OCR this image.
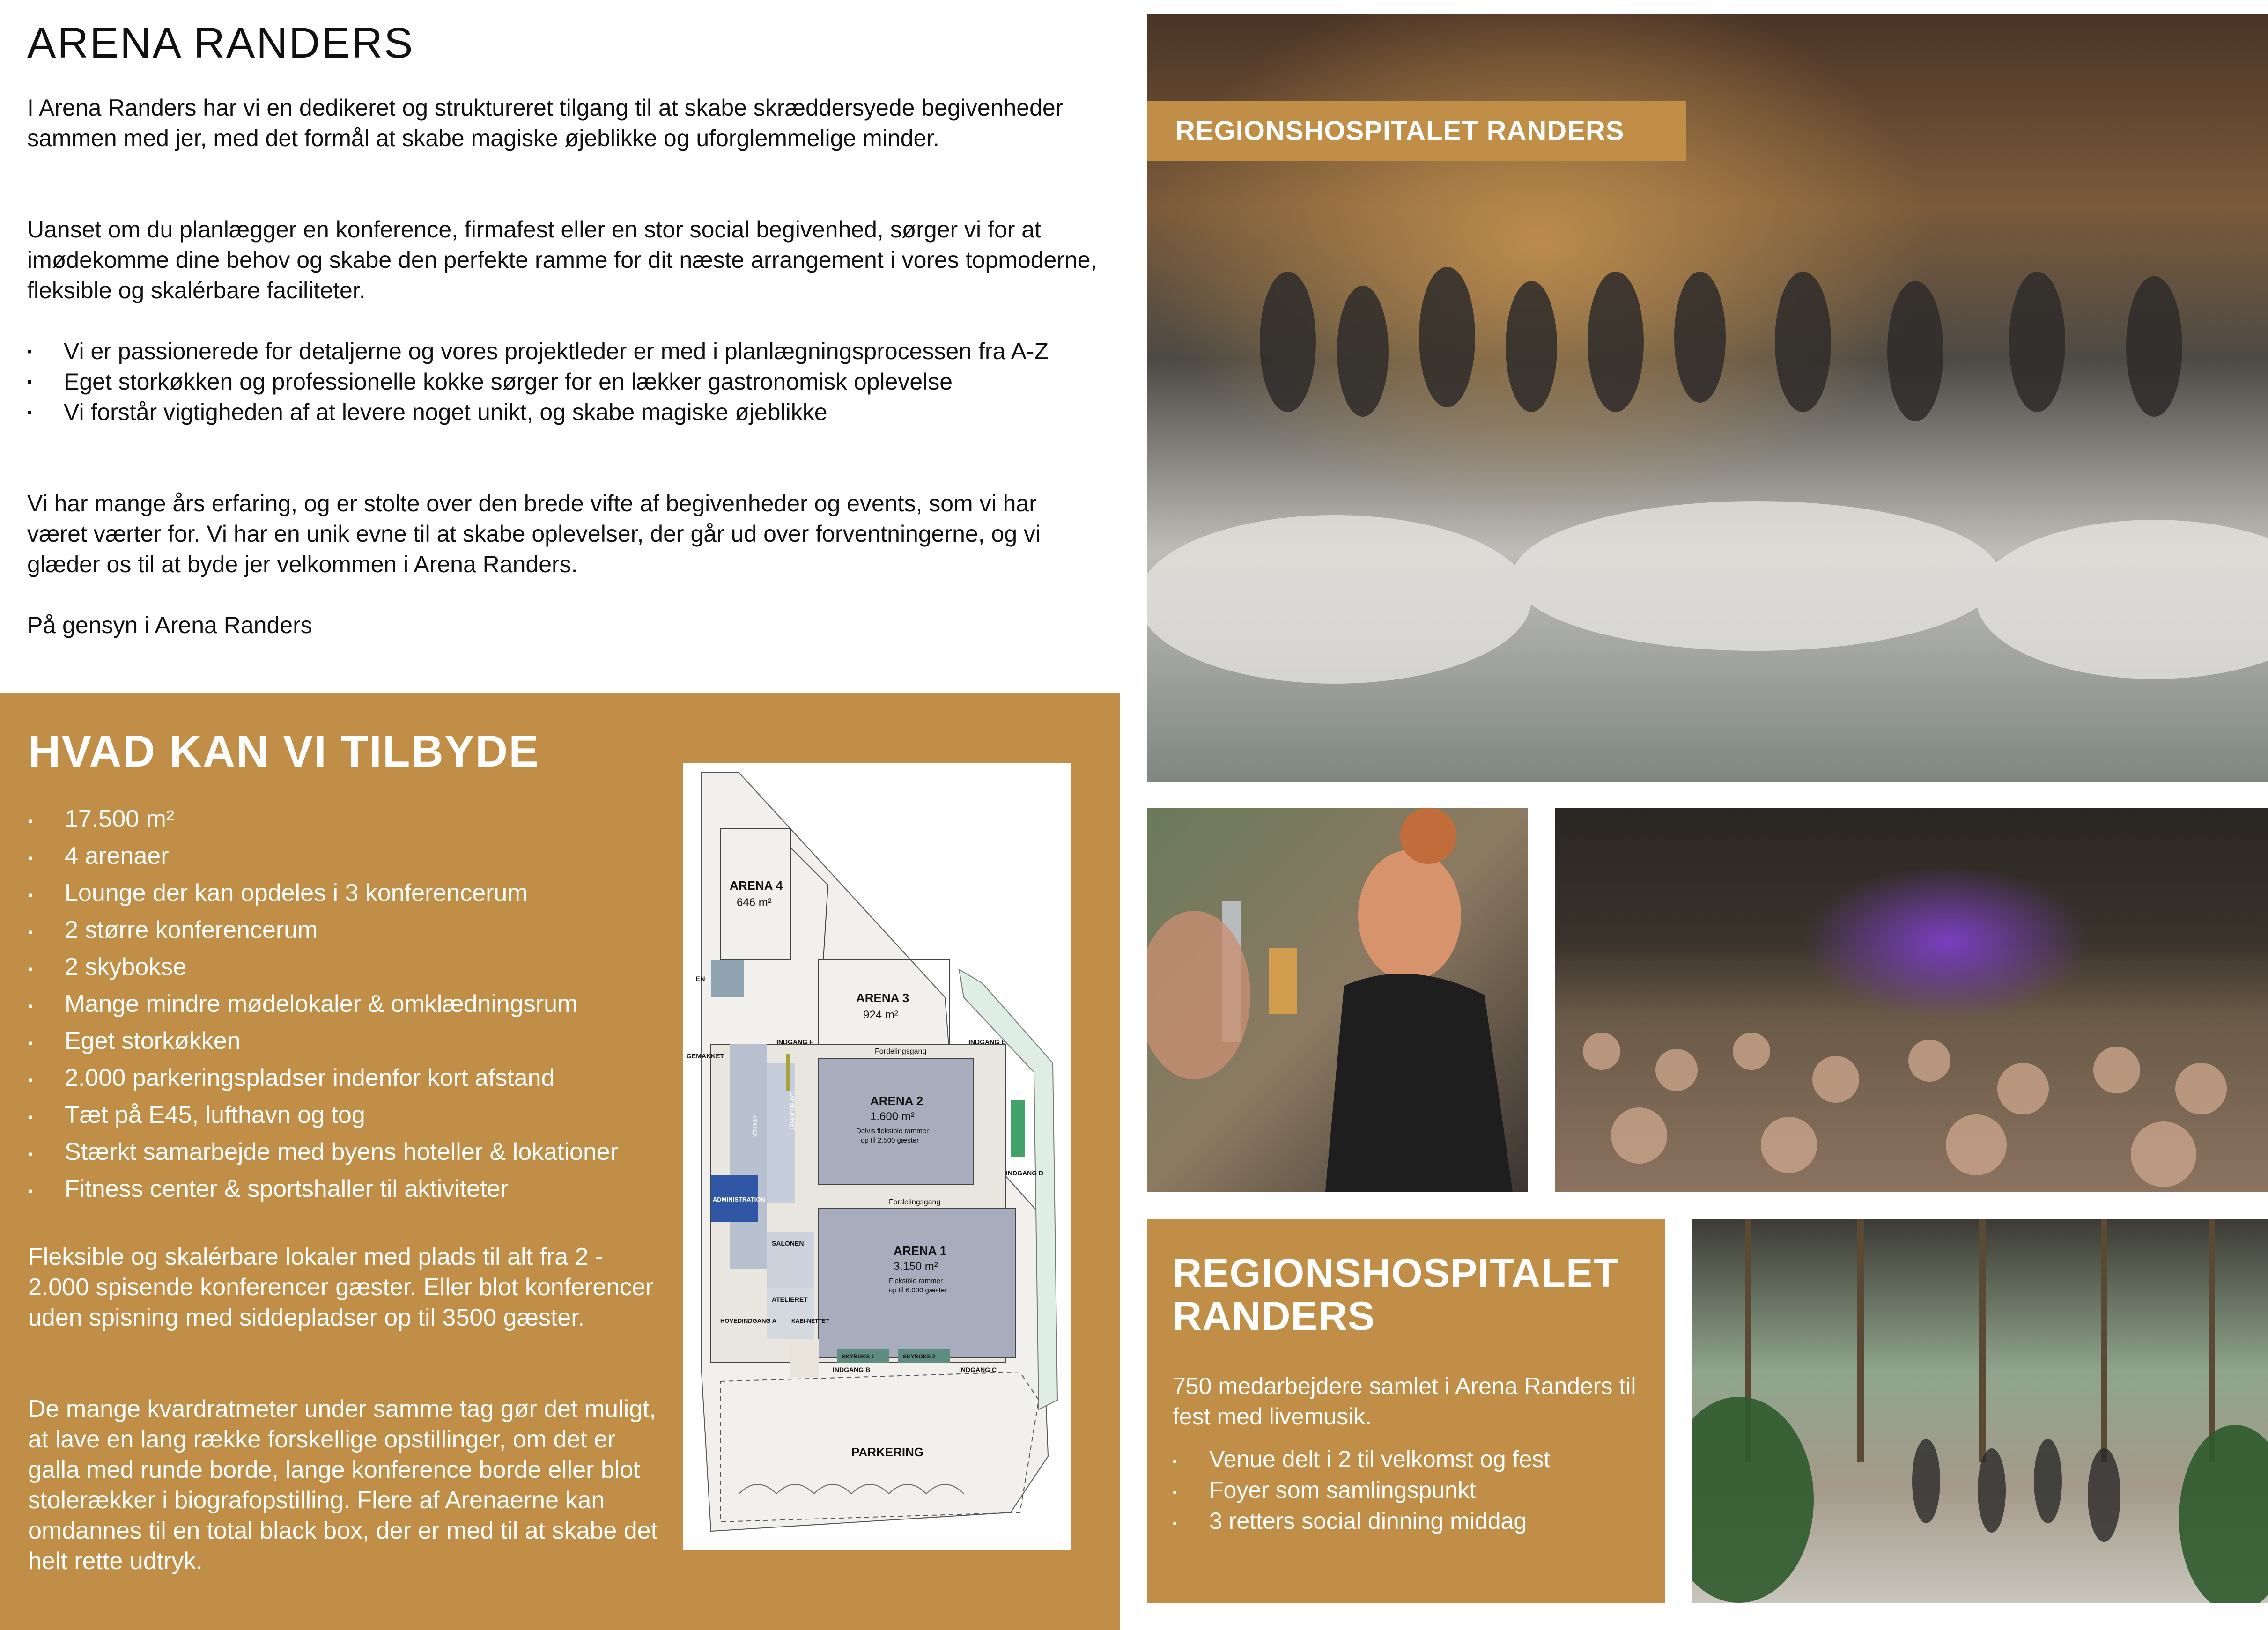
ARENA RANDERS

I Arena Randers har vi en dedikeret og struktureret tilgang til at skabe skræddersyede begivenheder sammen med jer, med det formål at skabe magiske øjeblikke og uforglemmelige minder.

Uanset om du planlægger en konference, firmafest eller en stor social begivenhed, sørger vi for at imødekomme dine behov og skabe den perfekte ramme for dit næste arrangement i vores topmoderne, fleksible og skalérbare faciliteter.

▪ Vi er passionerede for detaljerne og vores projektleder er med i planlægningsprocessen fra A-Z
▪ Eget storkøkken og professionelle kokke sørger for en lækker gastronomisk oplevelse
▪ Vi forstår vigtigheden af at levere noget unikt, og skabe magiske øjeblikke

Vi har mange års erfaring, og er stolte over den brede vifte af begivenheder og events, som vi har været værter for. Vi har en unik evne til at skabe oplevelser, der går ud over forventningerne, og vi glæder os til at byde jer velkommen i Arena Randers.

På gensyn i Arena Randers
HVAD KAN VI TILBYDE
▪ 17.500 m²
▪ 4 arenaer
▪ Lounge der kan opdeles i 3 konferencerum
▪ 2 større konferencerum
▪ 2 skybokse
▪ Mange mindre mødelokaler & omklædningsrum
▪ Eget storkøkken
▪ 2.000 parkeringspladser indenfor kort afstand
▪ Tæt på E45, lufthavn og tog
▪ Stærkt samarbejde med byens hoteller & lokationer
▪ Fitness center & sportshaller til aktiviteter
Fleksible og skalérbare lokaler med plads til alt fra 2 - 2.000 spisende konferencer gæster. Eller blot konferencer uden spisning med siddepladser op til 3500 gæster.
De mange kvardratmeter under samme tag gør det muligt, at lave en lang række forskellige opstillinger, om det er galla med runde borde, lange konference borde eller blot stolerækker i biografopstilling. Flere af Arenaerne kan omdannes til en total black box, der er med til at skabe det helt rette udtryk.
ARENA 4
646 m²
ARENA 3
924 m²
ARENA 2
1.600 m²
Delvis fleksible rammer
op til 2.500 gæster
ARENA 1
3.150 m²
Fleksible rammer
op til 6.000 gæster
Fordelingsgang
Fordelingsgang
INDGANG F	INDGANG E
INDGANG D
INDGANG C
INDGANG B
HOVEDINDGANG A
ADMINISTRATION
SALONEN
ATELIERET
KABI-NETTET
SKYBOKS 1	SKYBOKS 2
PARKERING
GEMAKKET
EN
KØKKEN	CAFÉRUMMET
REGIONSHOSPITALET RANDERS
REGIONSHOSPITALET RANDERS
750 medarbejdere samlet i Arena Randers til fest med livemusik.
▪ Venue delt i 2 til velkomst og fest
▪ Foyer som samlingspunkt
▪ 3 retters social dinning middag
